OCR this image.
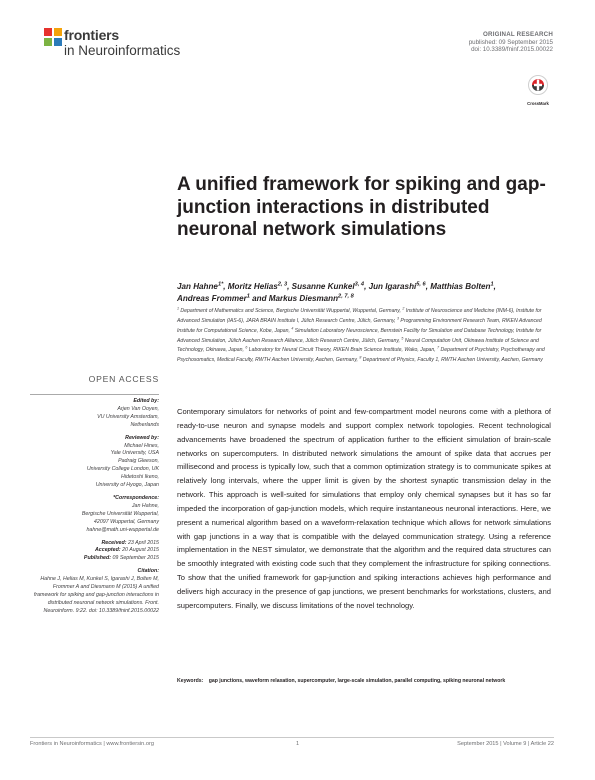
frontiers
in Neuroinformatics
ORIGINAL RESEARCH
published: 09 September 2015
doi: 10.3389/fninf.2015.00022
CrossMark
A unified framework for spiking and gap-junction interactions in distributed neuronal network simulations
Jan Hahne$^{1*}$, Moritz Helias$^{2, 3}$, Susanne Kunkel$^{3, 4}$, Jun Igarashi$^{5, 6}$, Matthias Bolten$^1$,
Andreas Frommer$^1$ and Markus Diesmann$^{2, 7, 8}$
$^1$ Department of Mathematics and Science, Bergische Universität Wuppertal, Wuppertal, Germany, $^2$ Institute of Neuroscience and Medicine (INM-6), Institute for Advanced Simulation (IAS-6), JARA BRAIN Institute I, Jülich Research Centre, Jülich, Germany, $^3$ Programming Environment Research Team, RIKEN Advanced Institute for Computational Science, Kobe, Japan, $^4$ Simulation Laboratory Neuroscience, Bernstein Facility for Simulation and Database Technology, Institute for Advanced Simulation, Jülich Aachen Research Alliance, Jülich Research Centre, Jülich, Germany, $^5$ Neural Computation Unit, Okinawa Institute of Science and Technology, Okinawa, Japan, $^6$ Laboratory for Neural Circuit Theory, RIKEN Brain Science Institute, Wako, Japan, $^7$ Department of Psychiatry, Psychotherapy and Psychosomatics, Medical Faculty, RWTH Aachen University, Aachen, Germany, $^8$ Department of Physics, Faculty 1, RWTH Aachen University, Aachen, Germany
OPEN ACCESS
Edited by:
Arjen Van Ooyen,
VU University Amsterdam,
Netherlands
Reviewed by:
Michael Hines,
Yale University, USA
Padraig Gleeson,
University College London, UK
Hidetoshi Ikeno,
University of Hyogo, Japan
*Correspondence:
Jan Hahne,
Bergische Universität Wuppertal,
42097 Wuppertal, Germany
hahne@math.uni-wuppertal.de
Received: 23 April 2015
Accepted: 20 August 2015
Published: 09 September 2015
Citation:
Hahne J, Helias M, Kunkel S, Igarashi J, Bolten M, Frommer A and Diesmann M (2015) A unified framework for spiking and gap-junction interactions in distributed neuronal network simulations. Front. Neuroinform. 9:22. doi: 10.3389/fninf.2015.00022
Contemporary simulators for networks of point and few-compartment model neurons come with a plethora of ready-to-use neuron and synapse models and support complex network topologies. Recent technological advancements have broadened the spectrum of application further to the efficient simulation of brain-scale networks on supercomputers. In distributed network simulations the amount of spike data that accrues per millisecond and process is typically low, such that a common optimization strategy is to communicate spikes at relatively long intervals, where the upper limit is given by the shortest synaptic transmission delay in the network. This approach is well-suited for simulations that employ only chemical synapses but it has so far impeded the incorporation of gap-junction models, which require instantaneous neuronal interactions. Here, we present a numerical algorithm based on a waveform-relaxation technique which allows for network simulations with gap junctions in a way that is compatible with the delayed communication strategy. Using a reference implementation in the NEST simulator, we demonstrate that the algorithm and the required data structures can be smoothly integrated with existing code such that they complement the infrastructure for spiking connections. To show that the unified framework for gap-junction and spiking interactions achieves high performance and delivers high accuracy in the presence of gap junctions, we present benchmarks for workstations, clusters, and supercomputers. Finally, we discuss limitations of the novel technology.
Keywords: gap junctions, waveform relaxation, supercomputer, large-scale simulation, parallel computing, spiking neuronal network
Frontiers in Neuroinformatics | www.frontiersin.org	1	September 2015 | Volume 9 | Article 22
